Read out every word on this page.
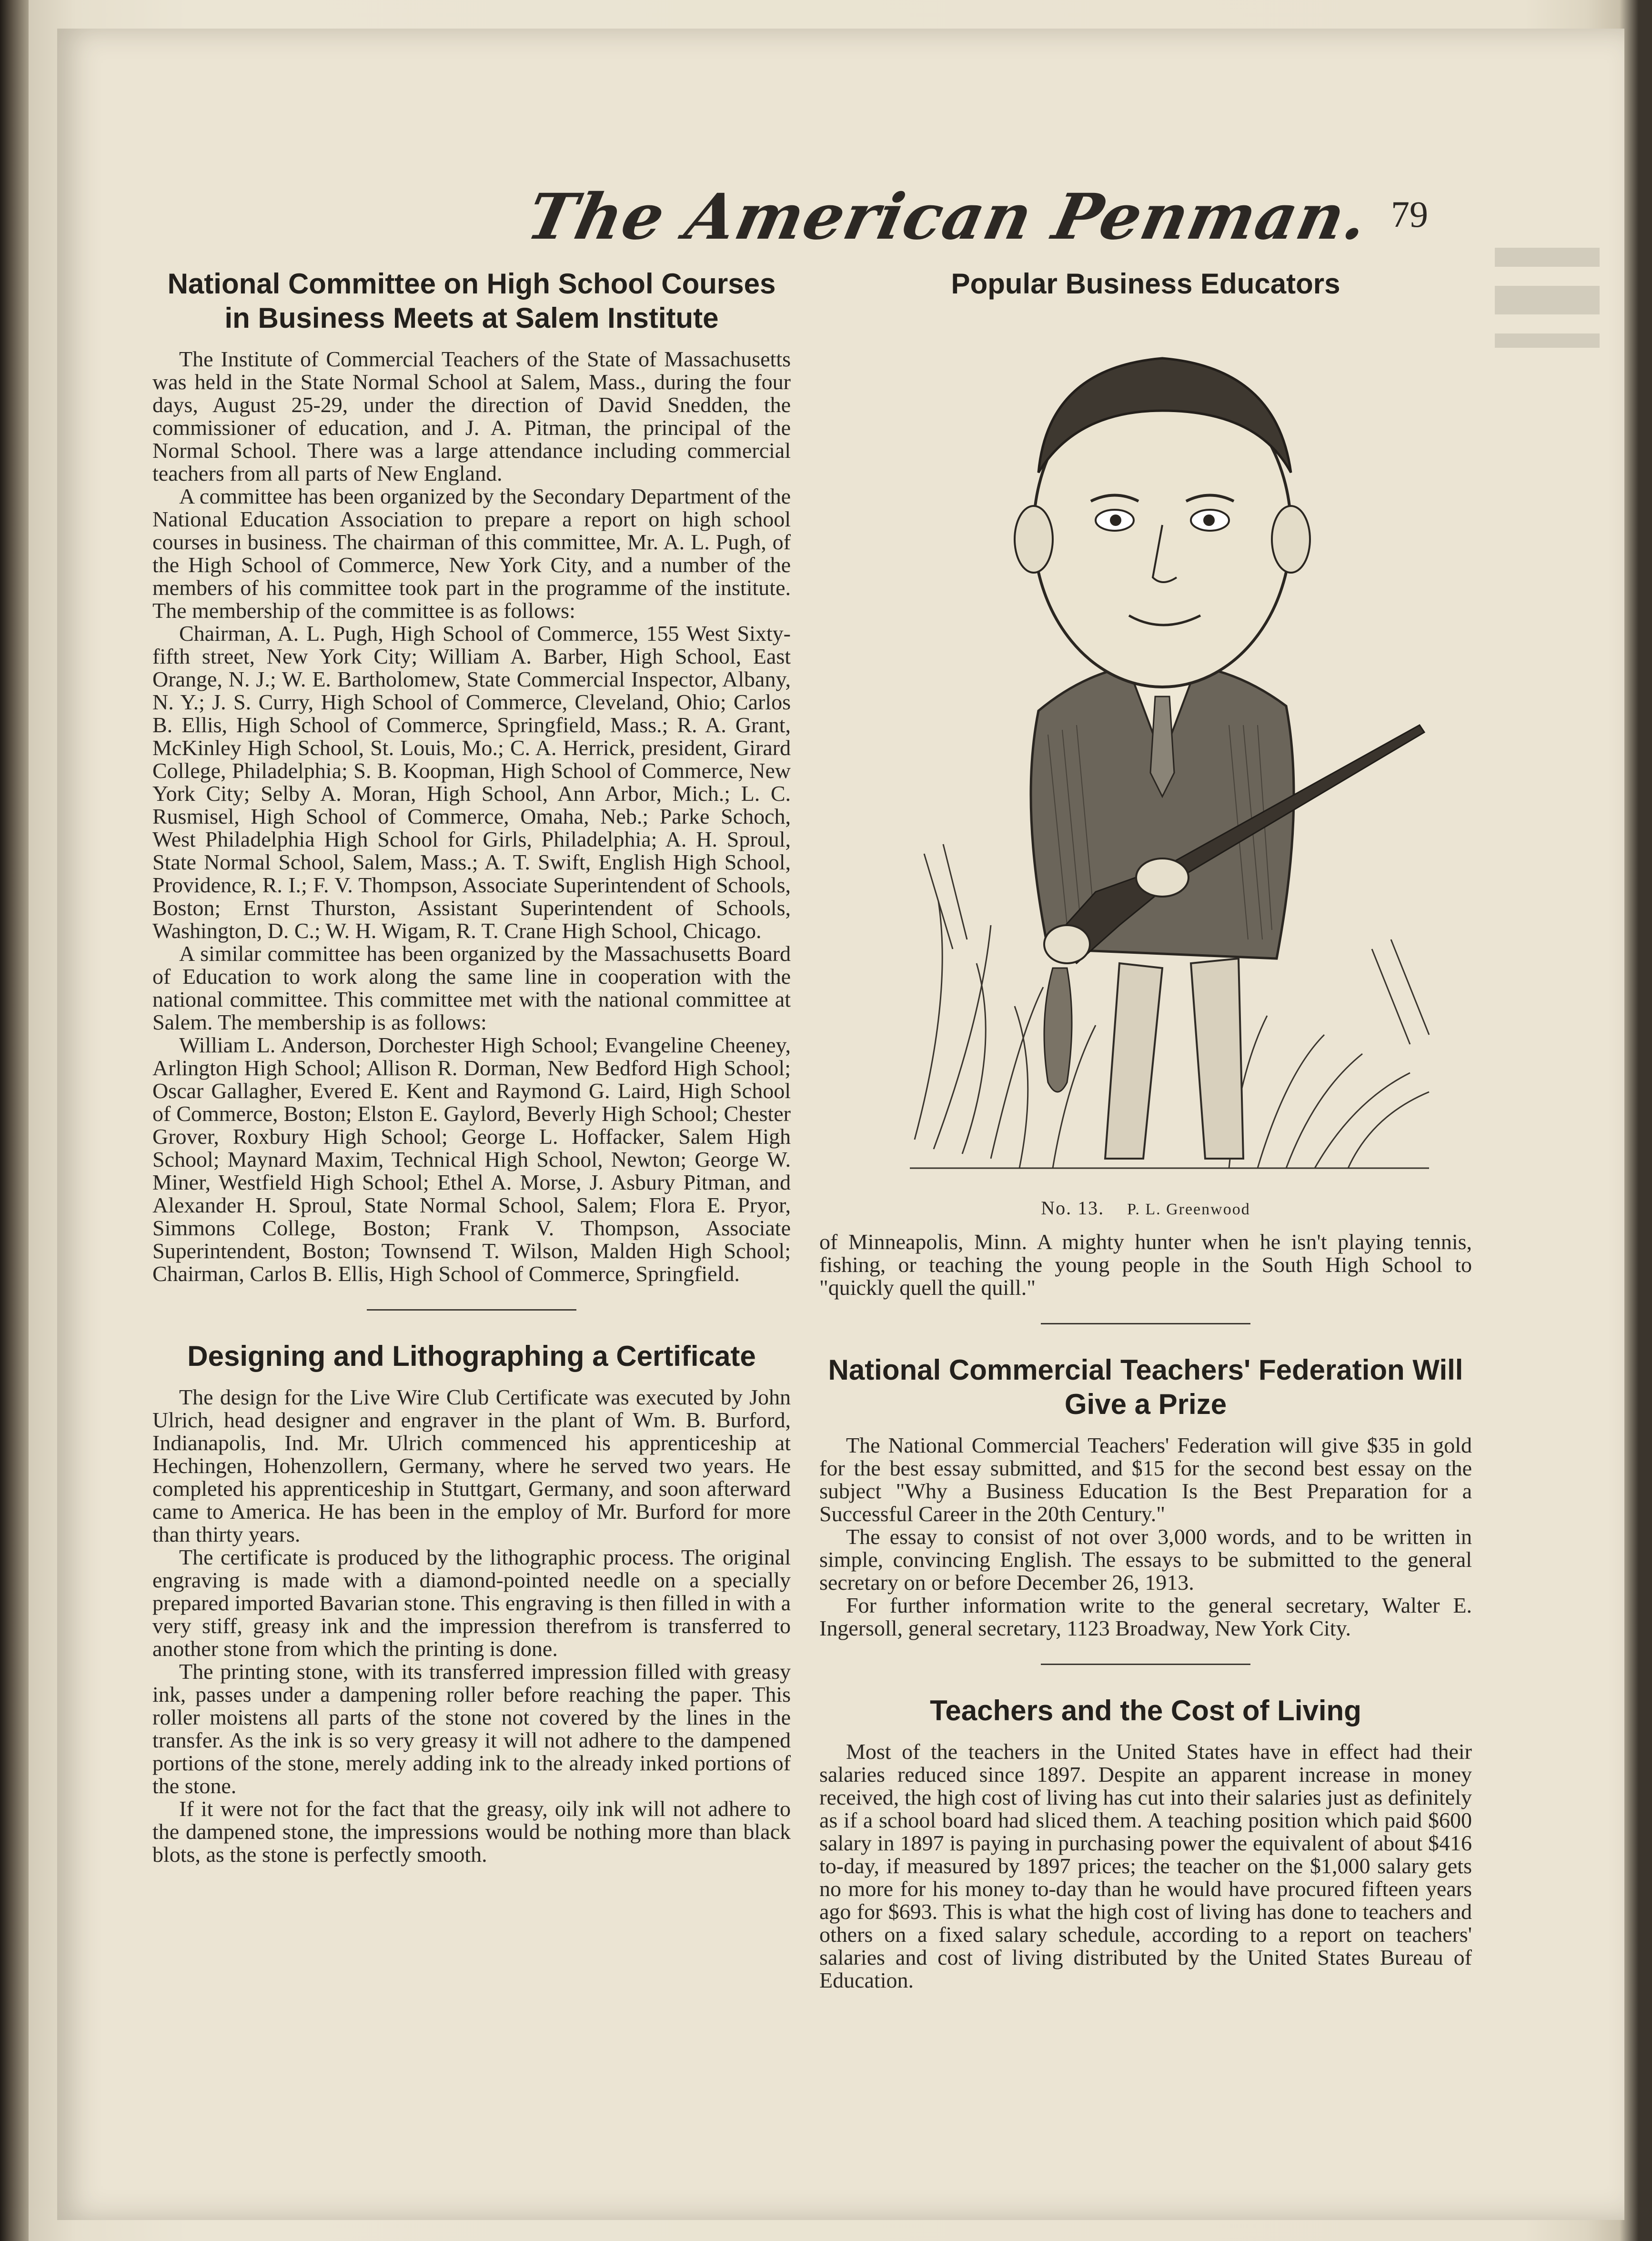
The American Penman. 79
National Committee on High School Courses in Business Meets at Salem Institute

The Institute of Commercial Teachers of the State of Massachusetts was held in the State Normal School at Salem, Mass., during the four days, August 25-29, under the direction of David Snedden, the commissioner of education, and J. A. Pitman, the principal of the Normal School. There was a large attendance including commercial teachers from all parts of New England.

A committee has been organized by the Secondary Department of the National Education Association to prepare a report on high school courses in business. The chairman of this committee, Mr. A. L. Pugh, of the High School of Commerce, New York City, and a number of the members of his committee took part in the programme of the institute. The membership of the committee is as follows:

Chairman, A. L. Pugh, High School of Commerce, 155 West Sixty-fifth street, New York City; William A. Barber, High School, East Orange, N. J.; W. E. Bartholomew, State Commercial Inspector, Albany, N. Y.; J. S. Curry, High School of Commerce, Cleveland, Ohio; Carlos B. Ellis, High School of Commerce, Springfield, Mass.; R. A. Grant, McKinley High School, St. Louis, Mo.; C. A. Herrick, president, Girard College, Philadelphia; S. B. Koopman, High School of Commerce, New York City; Selby A. Moran, High School, Ann Arbor, Mich.; L. C. Rusmisel, High School of Commerce, Omaha, Neb.; Parke Schoch, West Philadelphia High School for Girls, Philadelphia; A. H. Sproul, State Normal School, Salem, Mass.; A. T. Swift, English High School, Providence, R. I.; F. V. Thompson, Associate Superintendent of Schools, Boston; Ernst Thurston, Assistant Superintendent of Schools, Washington, D. C.; W. H. Wigam, R. T. Crane High School, Chicago.

A similar committee has been organized by the Massachusetts Board of Education to work along the same line in cooperation with the national committee. This committee met with the national committee at Salem. The membership is as follows:

William L. Anderson, Dorchester High School; Evangeline Cheeney, Arlington High School; Allison R. Dorman, New Bedford High School; Oscar Gallagher, Evered E. Kent and Raymond G. Laird, High School of Commerce, Boston; Elston E. Gaylord, Beverly High School; Chester Grover, Roxbury High School; George L. Hoffacker, Salem High School; Maynard Maxim, Technical High School, Newton; George W. Miner, Westfield High School; Ethel A. Morse, J. Asbury Pitman, and Alexander H. Sproul, State Normal School, Salem; Flora E. Pryor, Simmons College, Boston; Frank V. Thompson, Associate Superintendent, Boston; Townsend T. Wilson, Malden High School; Chairman, Carlos B. Ellis, High School of Commerce, Springfield.

Designing and Lithographing a Certificate

The design for the Live Wire Club Certificate was executed by John Ulrich, head designer and engraver in the plant of Wm. B. Burford, Indianapolis, Ind. Mr. Ulrich commenced his apprenticeship at Hechingen, Hohenzollern, Germany, where he served two years. He completed his apprenticeship in Stuttgart, Germany, and soon afterward came to America. He has been in the employ of Mr. Burford for more than thirty years.

The certificate is produced by the lithographic process. The original engraving is made with a diamond-pointed needle on a specially prepared imported Bavarian stone. This engraving is then filled in with a very stiff, greasy ink and the impression therefrom is transferred to another stone from which the printing is done.

The printing stone, with its transferred impression filled with greasy ink, passes under a dampening roller before reaching the paper. This roller moistens all parts of the stone not covered by the lines in the transfer. As the ink is so very greasy it will not adhere to the dampened portions of the stone, merely adding ink to the already inked portions of the stone.

If it were not for the fact that the greasy, oily ink will not adhere to the dampened stone, the impressions would be nothing more than black blots, as the stone is perfectly smooth.

Popular Business Educators
No. 13. P. L. Greenwood

of Minneapolis, Minn. A mighty hunter when he isn't playing tennis, fishing, or teaching the young people in the South High School to "quickly quell the quill."

National Commercial Teachers' Federation Will Give a Prize

The National Commercial Teachers' Federation will give $35 in gold for the best essay submitted, and $15 for the second best essay on the subject "Why a Business Education Is the Best Preparation for a Successful Career in the 20th Century."

The essay to consist of not over 3,000 words, and to be written in simple, convincing English. The essays to be submitted to the general secretary on or before December 26, 1913.

For further information write to the general secretary, Walter E. Ingersoll, general secretary, 1123 Broadway, New York City.

Teachers and the Cost of Living

Most of the teachers in the United States have in effect had their salaries reduced since 1897. Despite an apparent increase in money received, the high cost of living has cut into their salaries just as definitely as if a school board had sliced them. A teaching position which paid $600 salary in 1897 is paying in purchasing power the equivalent of about $416 to-day, if measured by 1897 prices; the teacher on the $1,000 salary gets no more for his money to-day than he would have procured fifteen years ago for $693. This is what the high cost of living has done to teachers and others on a fixed salary schedule, according to a report on teachers' salaries and cost of living distributed by the United States Bureau of Education.
